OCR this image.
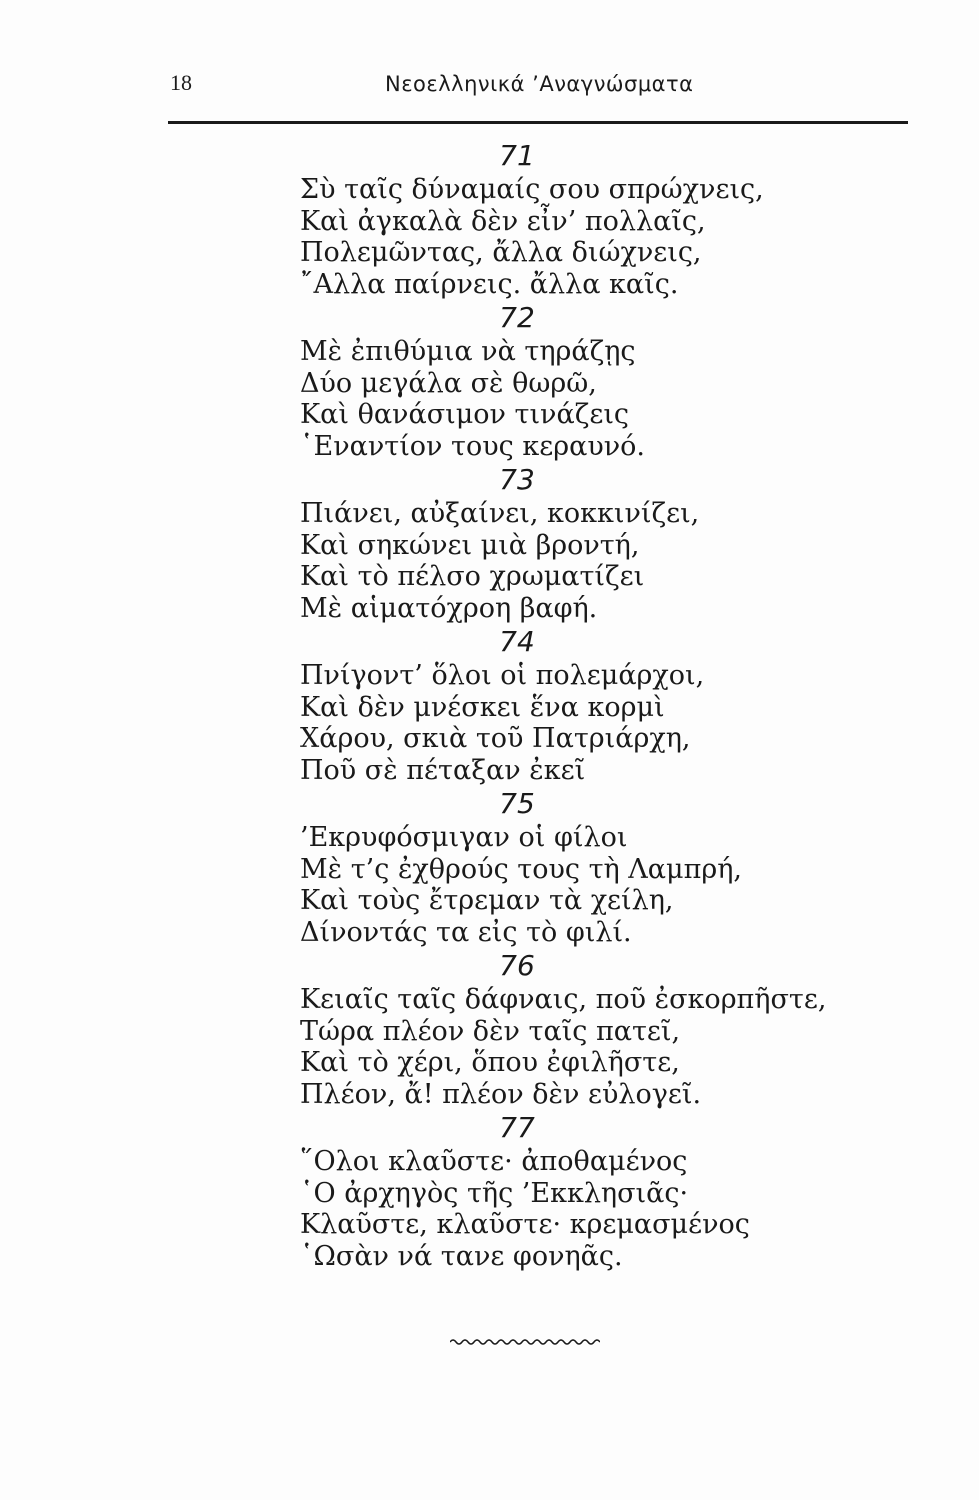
18	Νεοελληνικά ’Αναγνώσματα
71
Σὺ ταῖς δύναμαίς σου σπρώχνεις,
Καὶ ἀγκαλὰ δὲν εἶν’ πολλαῖς,
Πολεμῶντας, ἄλλα διώχνεις,
῎Αλλα παίρνεις. ἄλλα καῖς.
72
Μὲ ἐπιθύμια νὰ τηράζῃς
Δύο μεγάλα σὲ θωρῶ,
Καὶ θανάσιμον τινάζεις
῾Εναντίον τους κεραυνό.
73
Πιάνει, αὐξαίνει, κοκκινίζει,
Καὶ σηκώνει μιὰ βροντή,
Καὶ τὸ πέλσο χρωματίζει
Μὲ αἱματόχροη βαφή.
74
Πνίγοντ’ ὅλοι οἱ πολεμάρχοι,
Καὶ δὲν μνέσκει ἕνα κορμὶ
Χάρου, σκιὰ τοῦ Πατριάρχη,
Ποῦ σὲ πέταξαν ἐκεῖ
75
’Εκρυφόσμιγαν οἱ φίλοι
Μὲ τ’ς ἐχθρούς τους τὴ Λαμπρή,
Καὶ τοὺς ἔτρεμαν τὰ χείλη,
Δίνοντάς τα εἰς τὸ φιλί.
76
Κειαῖς ταῖς δάφναις, ποῦ ἐσκορπῆστε,
Τώρα πλέον δὲν ταῖς πατεῖ,
Καὶ τὸ χέρι, ὅπου ἐφιλῆστε,
Πλέον, ἄ! πλέον δὲν εὐλογεῖ.
77
῞Ολοι κλαῦστε· ἀποθαμένος
῾Ο ἀρχηγὸς τῆς ’Εκκλησιᾶς·
Κλαῦστε, κλαῦστε· κρεμασμένος
῾Ωσὰν νά τανε φονηᾶς.
